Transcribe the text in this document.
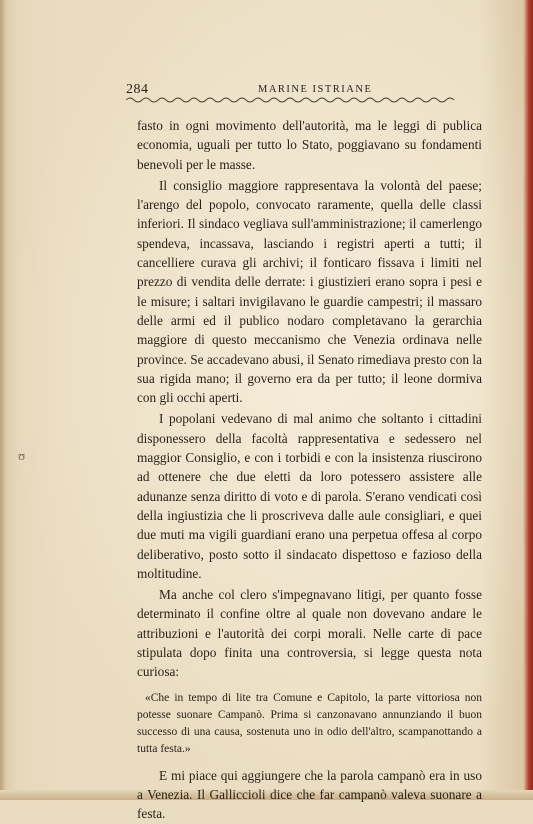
284	MARINE ISTRIANE
ʊ

fasto in ogni movimento dell'autorità, ma le leggi di publica economia, uguali per tutto lo Stato, poggiavano su fondamenti benevoli per le masse.

Il consiglio maggiore rappresentava la volontà del paese; l'arengo del popolo, convocato raramente, quella delle classi inferiori. Il sindaco vegliava sull'amministrazione; il camerlengo spendeva, incassava, lasciando i registri aperti a tutti; il cancelliere curava gli archivi; il fonticaro fissava i limiti nel prezzo di vendita delle derrate: i giustizieri erano sopra i pesi e le misure; i saltari invigilavano le guardie campestri; il massaro delle armi ed il publico nodaro completavano la gerarchia maggiore di questo meccanismo che Venezia ordinava nelle province. Se accadevano abusi, il Senato rimediava presto con la sua rigida mano; il governo era da per tutto; il leone dormiva con gli occhi aperti.

I popolani vedevano di mal animo che soltanto i cittadini disponessero della facoltà rappresentativa e sedessero nel maggior Consiglio, e con i torbidi e con la insistenza riuscirono ad ottenere che due eletti da loro potessero assistere alle adunanze senza diritto di voto e di parola. S'erano vendicati così della ingiustizia che li proscriveva dalle aule consigliari, e quei due muti ma vigili guardiani erano una perpetua offesa al corpo deliberativo, posto sotto il sindacato dispettoso e fazioso della moltitudine.

Ma anche col clero s'impegnavano litigi, per quanto fosse determinato il confine oltre al quale non dovevano andare le attribuzioni e l'autorità dei corpi morali. Nelle carte di pace stipulata dopo finita una controversia, si legge questa nota curiosa:

«Che in tempo di lite tra Comune e Capitolo, la parte vittoriosa non potesse suonare Campanò. Prima si canzonavano annunziando il buon successo di una causa, sostenuta uno in odio dell'altro, scampanottando a tutta festa.»

E mi piace qui aggiungere che la parola campanò era in uso a Venezia. Il Galliccioli dice che far campanò valeva suonare a festa.
